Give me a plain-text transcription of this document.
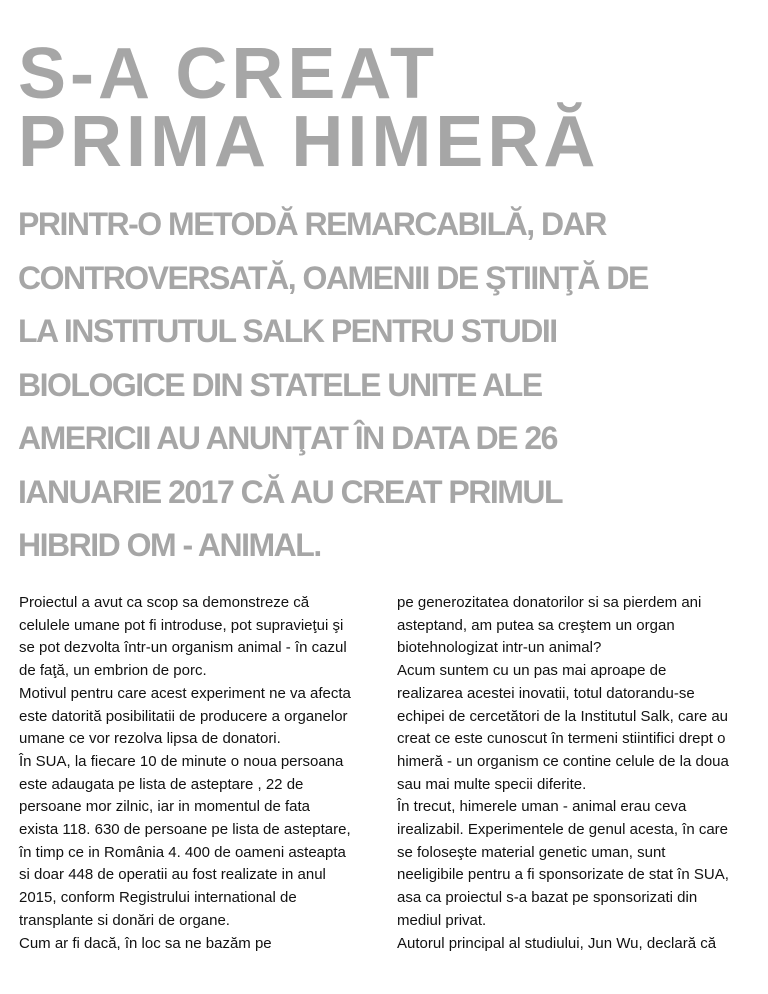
S-A CREAT
PRIMA HIMERĂ
PRINTR-O METODĂ REMARCABILĂ, DAR
CONTROVERSATĂ, OAMENII DE ŞTIINŢĂ DE
LA INSTITUTUL SALK PENTRU STUDII
BIOLOGICE DIN STATELE UNITE ALE
AMERICII AU ANUNŢAT ÎN DATA DE 26
IANUARIE 2017 CĂ AU CREAT PRIMUL
HIBRID OM - ANIMAL.
Proiectul a avut ca scop sa demonstreze că
celulele umane pot fi introduse, pot supravieţui şi
se pot dezvolta într-un organism animal - în cazul
de faţă, un embrion de porc.
Motivul pentru care acest experiment ne va afecta
este datorită posibilitatii de producere a organelor
umane ce vor rezolva lipsa de donatori.
În SUA, la fiecare 10 de minute o noua persoana
este adaugata pe lista de asteptare , 22 de
persoane mor zilnic, iar in momentul de fata
exista 118. 630 de persoane pe lista de asteptare,
în timp ce in România 4. 400 de oameni asteapta
si doar 448 de operatii au fost realizate in anul
2015, conform Registrului international de
transplante si donări de organe.
Cum ar fi dacă, în loc sa ne bazăm pe
pe generozitatea donatorilor si sa pierdem ani
asteptand, am putea sa creştem un organ
biotehnologizat intr-un animal?
Acum suntem cu un pas mai aproape de
realizarea acestei inovatii, totul datorandu-se
echipei de cercetători de la Institutul Salk, care au
creat ce este cunoscut în termeni stiintifici drept o
himeră - un organism ce contine celule de la doua
sau mai multe specii diferite.
În trecut, himerele uman - animal erau ceva
irealizabil. Experimentele de genul acesta, în care
se foloseşte material genetic uman, sunt
neeligibile pentru a fi sponsorizate de stat în SUA,
asa ca proiectul s-a bazat pe sponsorizati din
mediul privat.
Autorul principal al studiului, Jun Wu, declară că
